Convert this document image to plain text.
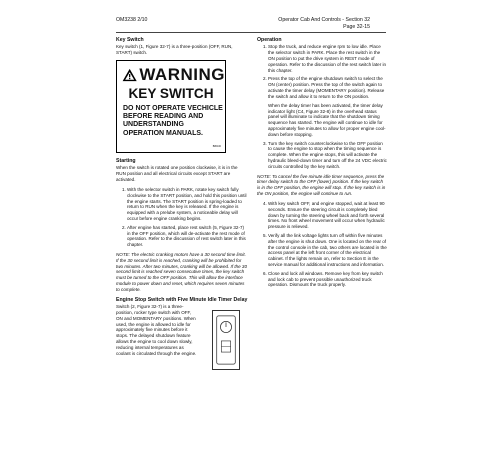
OM3238 2/10	Operator Cab And Controls - Section 32
Page 32-15
Key Switch

Key switch (1, Figure 32-7) is a three-position (OFF, RUN, START) switch.

WARNING
KEY SWITCH
DO NOT OPERATE VECHICLE
BEFORE READING AND
UNDERSTANDING
OPERATION MANUALS.
B80100
Starting

When the switch is rotated one position clockwise, it is in the RUN position and all electrical circuits except START are activated.

1. With the selector switch in PARK, rotate key switch fully clockwise to the START position, and hold this position until the engine starts. The START position is spring-loaded to return to RUN when the key is released. If the engine is equipped with a prelube system, a noticeable delay will occur before engine cranking begins.
2. After engine has started, place rest switch (5, Figure 32-7) in the OFF position, which will de-activate the rest mode of operation. Refer to the discussion of rest switch later in this chapter.

NOTE: The electric cranking motors have a 30 second time limit. If the 30 second limit is reached, cranking will be prohibited for two minutes. After two minutes, cranking will be allowed. If the 30 second limit is reached seven consecutive times, the key switch must be turned to the OFF position. This will allow the interface module to power down and reset, which requires seven minutes to complete.

Engine Stop Switch with Five Minute Idle Timer Delay

Switch (2, Figure 32-7) is a three-position, rocker type switch with OFF, ON and MOMENTARY positions. When used, the engine is allowed to idle for approximately five minutes before it stops. The delayed shutdown feature allows the engine to cool down slowly, reducing internal temperatures as coolant is circulated through the engine.

Operation
1. Stop the truck, and reduce engine rpm to low idle. Place the selector switch in PARK. Place the rest switch in the ON position to put the drive system in REST mode of operation. Refer to the discussion of the rest switch later in this chapter.
2. Press the top of the engine shutdown switch to select the ON (center) position. Press the top of the switch again to activate the timer delay (MOMENTARY position). Release the switch and allow it to return to the ON position.

When the delay timer has been activated, the timer delay indicator light (C4, Figure 32-8) in the overhead status panel will illuminate to indicate that the shutdown timing sequence has started. The engine will continue to idle for approximately five minutes to allow for proper engine cool-down before stopping.

3. Turn the key switch counterclockwise to the OFF position to cause the engine to stop when the timing sequence is complete. When the engine stops, this will activate the hydraulic bleed-down timer and turn off the 24 VDC electric circuits controlled by the key switch.

NOTE: To cancel the five minute idle timer sequence, press the timer delay switch to the OFF (lower) position. If the key switch is in the OFF position, the engine will stop. If the key switch is in the ON position, the engine will continue to run.

4. With key switch OFF, and engine stopped, wait at least 90 seconds. Ensure the steering circuit is completely bled down by turning the steering wheel back and forth several times. No front wheel movement will occur when hydraulic pressure is relieved.
5. Verify all the link voltage lights turn off within five minutes after the engine is shut down. One is located on the rear of the control console in the cab, two others are located in the access panel at the left front corner of the electrical cabinet. If the lights remain on, refer to Section E in the service manual for additional instructions and information.
6. Close and lock all windows. Remove key from key switch and lock cab to prevent possible unauthorized truck operation. Dismount the truck properly.
